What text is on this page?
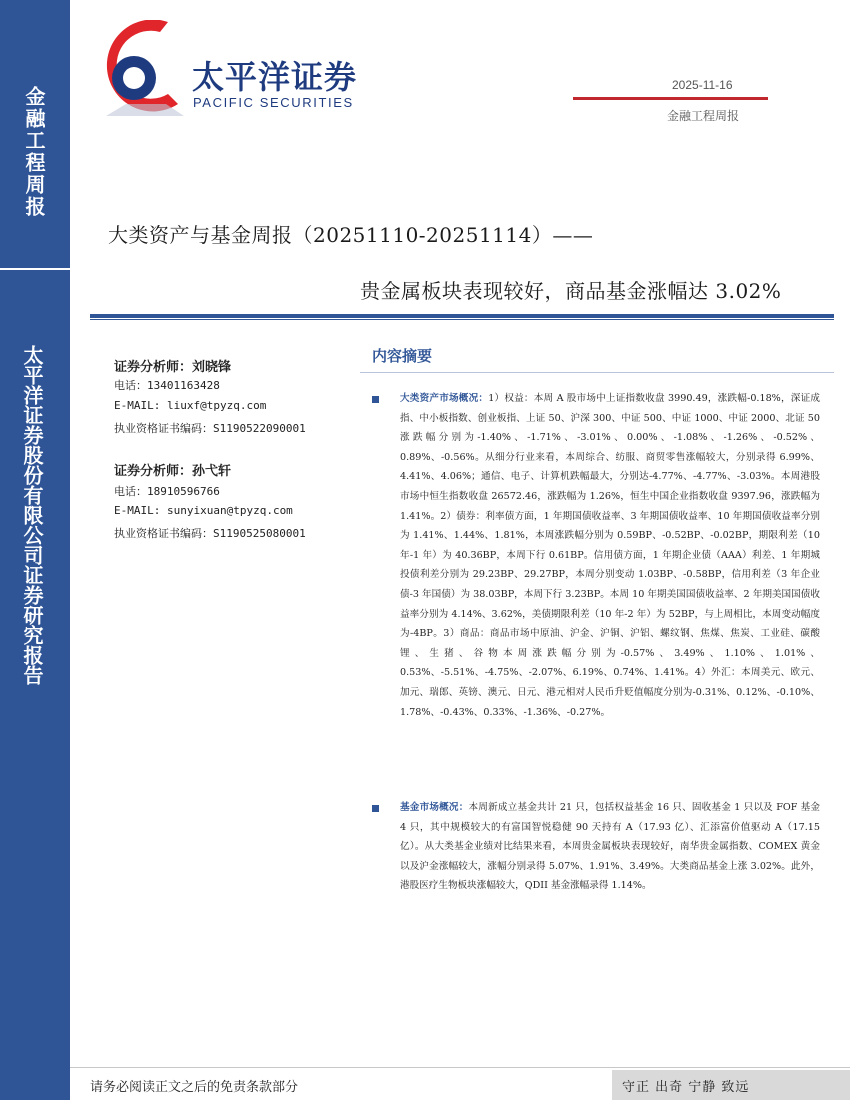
金融工程周报
太平洋证券股份有限公司证券研究报告
太平洋证券
PACIFIC SECURITIES
2025-11-16
金融工程周报
大类资产与基金周报（20251110-20251114）——
贵金属板块表现较好，商品基金涨幅达 3.02%
证券分析师：刘晓锋
电话：13401163428
E-MAIL: liuxf@tpyzq.com
执业资格证书编码：S1190522090001
证券分析师：孙弋轩
电话：18910596766
E-MAIL: sunyixuan@tpyzq.com
执业资格证书编码：S1190525080001
内容摘要
大类资产市场概况：1）权益：本周 A 股市场中上证指数收盘 3990.49，涨跌幅-0.18%，深证成指、中小板指数、创业板指、上证 50、沪深 300、中证 500、中证 1000、中证 2000、北证 50 涨跌幅分别为-1.40%、-1.71%、-3.01%、0.00%、-1.08%、-1.26%、-0.52%、0.89%、-0.56%。从细分行业来看，本周综合、纺服、商贸零售涨幅较大，分别录得 6.99%、4.41%、4.06%；通信、电子、计算机跌幅最大，分别达-4.77%、-4.77%、-3.03%。本周港股市场中恒生指数收盘 26572.46，涨跌幅为 1.26%，恒生中国企业指数收盘 9397.96，涨跌幅为 1.41%。2）债券：利率债方面，1 年期国债收益率、3 年期国债收益率、10 年期国债收益率分别为 1.41%、1.44%、1.81%，本周涨跌幅分别为 0.59BP、-0.52BP、-0.02BP，期限利差（10 年-1 年）为 40.36BP，本周下行 0.61BP。信用债方面，1 年期企业债（AAA）利差、1 年期城投债利差分别为 29.23BP、29.27BP，本周分别变动 1.03BP、-0.58BP，信用利差（3 年企业债-3 年国债）为 38.03BP，本周下行 3.23BP。本周 10 年期美国国债收益率、2 年期美国国债收益率分别为 4.14%、3.62%，美债期限利差（10 年-2 年）为 52BP，与上周相比，本周变动幅度为-4BP。3）商品：商品市场中原油、沪金、沪铜、沪铝、螺纹钢、焦煤、焦炭、工业硅、碳酸锂、生猪、谷物本周涨跌幅分别为-0.57%、3.49%、1.10%、1.01%、0.53%、-5.51%、-4.75%、-2.07%、6.19%、0.74%、1.41%。4）外汇：本周美元、欧元、加元、瑞郎、英镑、澳元、日元、港元相对人民币升贬值幅度分别为-0.31%、0.12%、-0.10%、1.78%、-0.43%、0.33%、-1.36%、-0.27%。
基金市场概况：本周新成立基金共计 21 只，包括权益基金 16 只、固收基金 1 只以及 FOF 基金 4 只，其中规模较大的有富国智悦稳健 90 天持有 A（17.93 亿）、汇添富价值驱动 A（17.15 亿）。从大类基金业绩对比结果来看，本周贵金属板块表现较好，南华贵金属指数、COMEX 黄金以及沪金涨幅较大，涨幅分别录得 5.07%、1.91%、3.49%。大类商品基金上涨 3.02%。此外，港股医疗生物板块涨幅较大，QDII 基金涨幅录得 1.14%。
请务必阅读正文之后的免责条款部分	守正 出奇 宁静 致远
